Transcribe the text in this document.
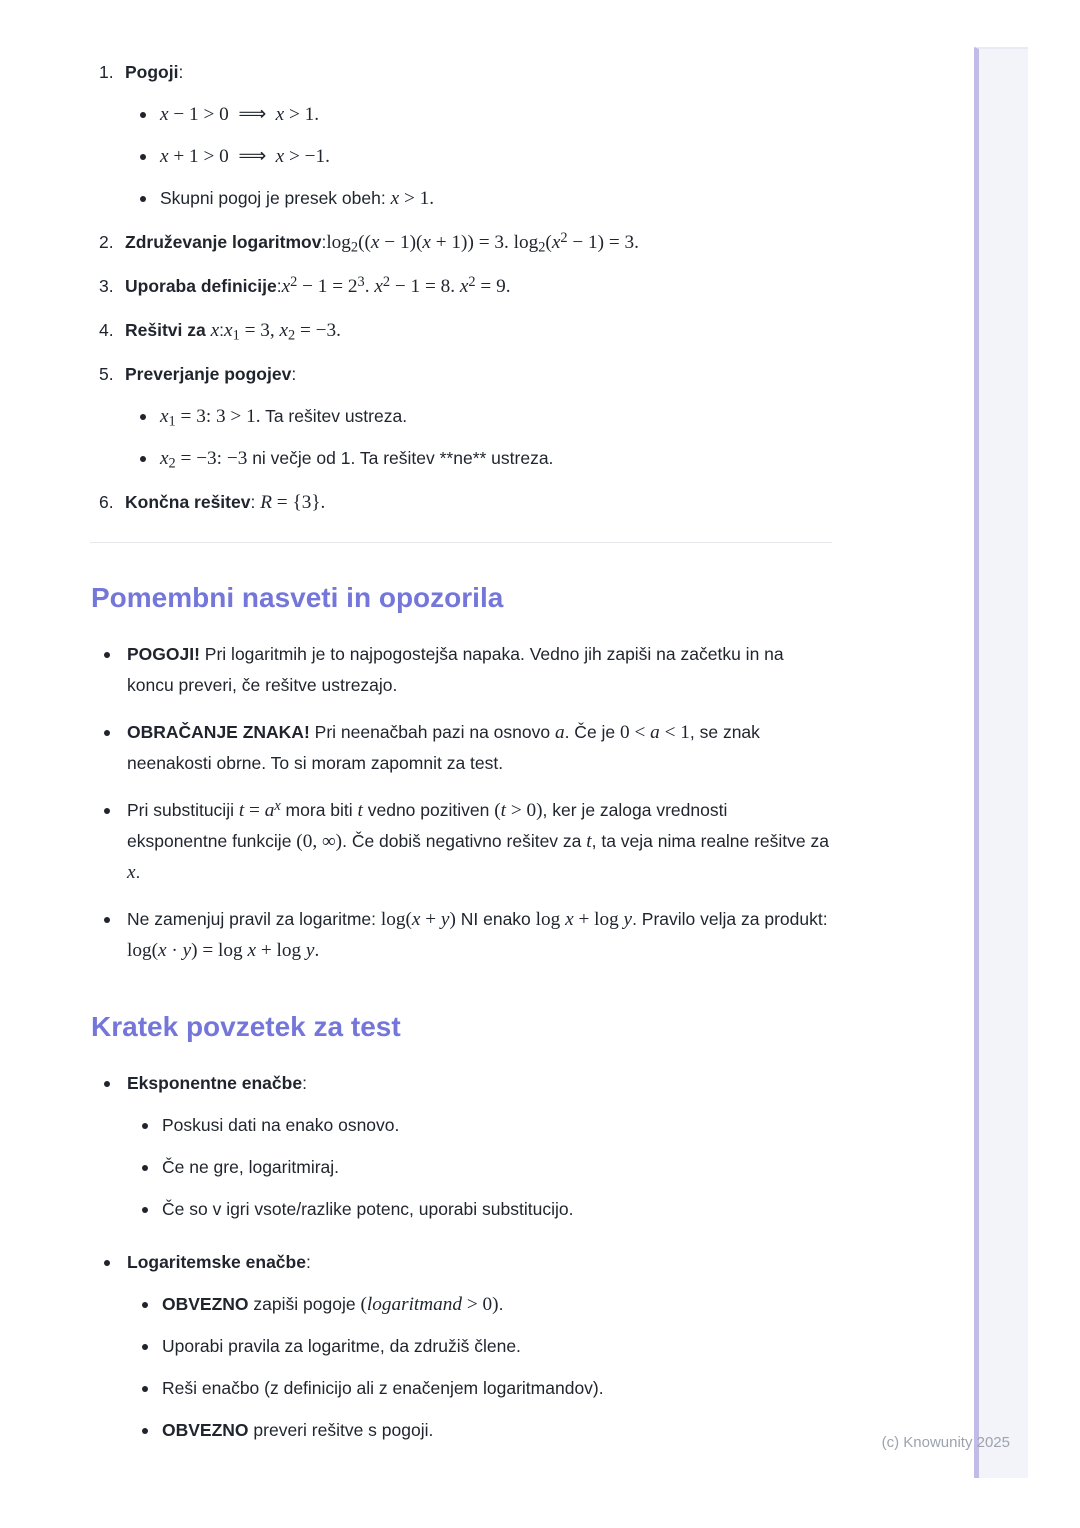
Pogoji:
x − 1 > 0 ⟹ x > 1.
x + 1 > 0 ⟹ x > −1.
Skupni pogoj je presek obeh: x > 1.
Združevanje $logaritmov:\log_2((x - 1)(x + 1)) = 3$. $\log_2(x^2 - 1) = 3$.
Uporaba $definicije:x^2 - 1 = 2^3$. $x^2 - 1 = 8$. $x^2 = 9$.
Rešitvi za $x:x_1 = 3$, $x_2 = -3$.
Preverjanje pogojev:
$x_1 = 3$: 3 > 1. Ta rešitev ustreza.
$x_2 = -3$: −3 ni večje od 1. Ta rešitev **ne** ustreza.
Končna rešitev: R = {3}.
Pomembni nasveti in opozorila
POGOJI! Pri logaritmih je to najpogostejša napaka. Vedno jih zapiši na začetku in na koncu preveri, če rešitve ustrezajo.
OBRAČANJE ZNAKA! Pri neenačbah pazi na osnovo a. Če je 0 < a < 1, se znak neenakosti obrne. To si moram zapomnit za test.
Pri substituciji $t = a^x$ mora biti t vedno pozitiven (t > 0), ker je zaloga vrednosti eksponentne funkcije (0, ∞). Če dobiš negativno rešitev za t, ta veja nima realne rešitve za x.
Ne zamenjuj pravil za logaritme: log(x + y) NI enako log x + log y. Pravilo velja za produkt: log(x · y) = log x + log y.
Kratek povzetek za test
Eksponentne enačbe:
Poskusi dati na enako osnovo.
Če ne gre, logaritmiraj.
Če so v igri vsote/razlike potenc, uporabi substitucijo.
Logaritemske enačbe:
OBVEZNO zapiši pogoje (logaritmand > 0).
Uporabi pravila za logaritme, da združiš člene.
Reši enačbo (z definicijo ali z enačenjem logaritmandov).
OBVEZNO preveri rešitve s pogoji.
(c) Knowunity 2025
